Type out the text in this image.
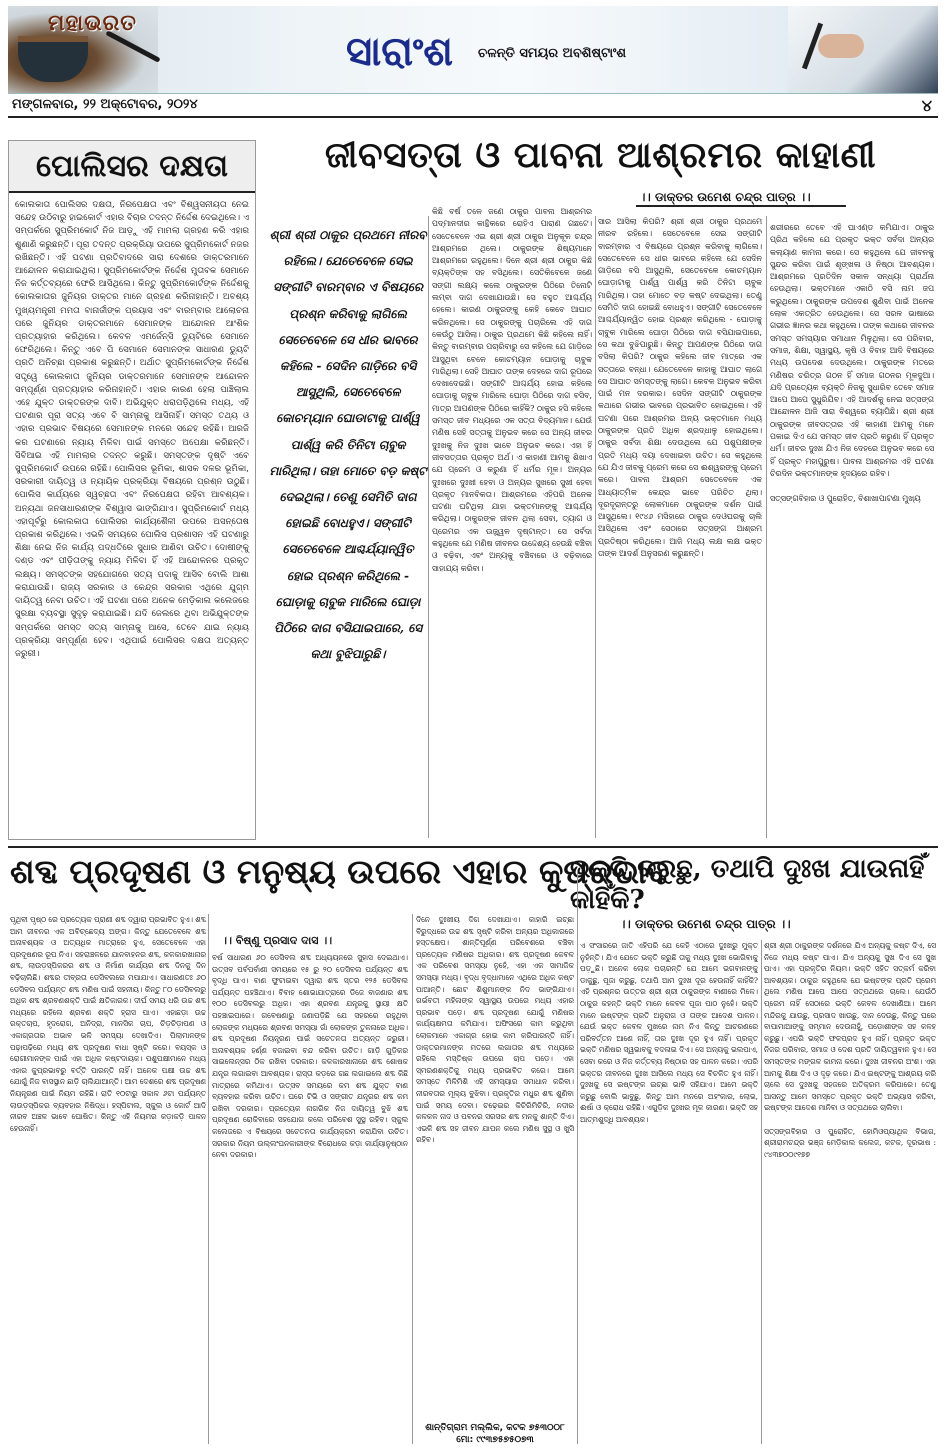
ମହାଭରତ
ସାରାଂଶ ଚଳନ୍ତି ସମୟର ଅବଶିଷ୍ଟାଂଶ
ମଙ୍ଗଳବାର, ୨୨ ଅକ୍ଟୋବର, ୨୦୨୪	୪
ପୋଲିସର ଦକ୍ଷତା
କୋଲକାତା ପୋଲିସର ଦକ୍ଷତା, ନିରପେକ୍ଷତା ଏବଂ ବିଶ୍ୱସନୀୟତା ନେଇ ସନ୍ଦେହ ଉଠିବାରୁ ହାଇକୋର୍ଟ ଏହାର ବିଚାର ତଦନ୍ତ ନିର୍ଦ୍ଦେଶ ଦେଇଥିଲେ। ଏ ସମ୍ପର୍କରେ ସୁପ୍ରିମକୋର୍ଟ ନିଜ ଆଡ଼ୁ ଏହି ମାମଲା ଗ୍ରହଣ କରି ଏହାର ଶୁଣାଣି କରୁଛନ୍ତି। ପୂରା ତଦନ୍ତ ପ୍ରକ୍ରିୟା ଉପରେ ସୁପ୍ରିମକୋର୍ଟ ନଜର ରଖିଛନ୍ତି। ଏହି ଘଟଣା ପ୍ରତିବାଦରେ ସାରା ଦେଶରେ ଡାକ୍ତରମାନେ ଆନ୍ଦୋଳନ କରାଯାଇଥିଲା। ସୁପ୍ରିମକୋର୍ଟଙ୍କ ନିର୍ଦ୍ଦେଶ ମୁତାବକ ସେମାନେ ନିଜ କର୍ତ୍ତବ୍ୟରେ ଫେରି ଆସିଥିଲେ। କିନ୍ତୁ ସୁପ୍ରିମକୋର୍ଟଙ୍କ ନିର୍ଦ୍ଦେଶକୁ କୋଲକାତାର ଜୁନିୟର ଡାକ୍ତର ମାନେ ଗ୍ରହଣ କରିନାହାନ୍ତି। ଅବଶ୍ୟ ମୁଖ୍ୟମନ୍ତ୍ରୀ ମମତା ବାନାର୍ଜୀଙ୍କ ପ୍ରୟାସ ଏବଂ ବାରମ୍ବାର ଆଲୋଚନା ପରେ ଜୁନିୟର ଡାକ୍ତରମାନେ ସେମାନଙ୍କ ଆନ୍ଦୋଳନ ଆଂଶିକ ପ୍ରତ୍ୟାହାର କରିଥିଲେ। କେବଳ ଏମର୍ଜେନ୍ସି ଡ୍ୟୁଟିରେ ସେମାନେ ଫେରିଥିଲେ। କିନ୍ତୁ ଏବେ ପି ସେମାନେ ସେମାନଙ୍କ ସାଧାରଣ ଡ୍ୟୁଟି ପ୍ରତି ଅନିଚ୍ଛା ପ୍ରକାଶ କରୁଛନ୍ତି। ଅର୍ଥାତ ସୁପ୍ରିମକୋର୍ଟଙ୍କ ନିର୍ଦ୍ଦେଶ ସତ୍ତ୍ୱେ କୋଲକାତା ଜୁନିୟର ଡାକ୍ତରମାନେ ସେମାନଙ୍କ ଆନ୍ଦୋଳନ ସମ୍ପୂର୍ଣ୍ଣ ପ୍ରତ୍ୟାହାର କରିନାହାନ୍ତି। ଏହାର କାରଣ ହେଲା ପାଞ୍ଚିଲାଲ ଏହେ ଯୁକ୍ତ ଡାକ୍ତରଙ୍କ ଦାବି। ଅଭିଯୁକ୍ତ ଧରାପଡ଼ିଥିଲେ ମଧ୍ୟ, ଏହି ଘଟଣାର ପୂରା ସତ୍ୟ ଏବେ ବି ସାମ୍ନାକୁ ଆସିନାହିଁ। ସମସ୍ତ ତଥ୍ୟ ଓ ଏହାର ପ୍ରଭାବ ବିଷୟରେ ସେମାନଙ୍କ ମନରେ ସନ୍ଦେହ ରହିଛି। ଆରଜି କର ଘଟଣାରେ ନ୍ୟାୟ ମିଳିବା ପାଇଁ ସମସ୍ତେ ଅପେକ୍ଷା କରିଛନ୍ତି। ସିବିଆଇ ଏହି ମାମଲାର ତଦନ୍ତ କରୁଛି। ସମସ୍ତଙ୍କ ଦୃଷ୍ଟି ଏବେ ସୁପ୍ରିମକୋର୍ଟ ଉପରେ ରହିଛି। ପୋଲିସର ଭୂମିକା, ଶାସକ ଦଳର ଭୂମିକା, ସରକାରୀ ଦାୟିତ୍ୱ ଓ ନ୍ୟାୟିକ ପ୍ରକ୍ରିୟା ବିଷୟରେ ପ୍ରଶ୍ନ ଉଠୁଛି। ପୋଲିସ କାର୍ଯ୍ୟରେ ସ୍ୱଚ୍ଛତା ଏବଂ ନିରପେକ୍ଷତା ରହିବା ଆବଶ୍ୟକ। ଅନ୍ୟଥା ଜନସାଧାରଣଙ୍କ ବିଶ୍ୱାସ ଭାଙ୍ଗିଯାଏ। ସୁପ୍ରିମକୋର୍ଟ ମଧ୍ୟ ଏହାପୂର୍ବରୁ କୋଲକାତା ପୋଲିସର କାର୍ଯ୍ୟଶୈଳୀ ଉପରେ ଅସନ୍ତୋଷ ପ୍ରକାଶ କରିଥିଲେ। ଏଭଳି ସମୟରେ ପୋଲିସ ପ୍ରଶାସନ ଏହି ଘଟଣାରୁ ଶିକ୍ଷା ନେଇ ନିଜ କାର୍ଯ୍ୟ ପଦ୍ଧତିରେ ସୁଧାର ଆଣିବା ଉଚିତ। ଦୋଷୀଙ୍କୁ ଦଣ୍ଡ ଏବଂ ପୀଡ଼ିତାଙ୍କୁ ନ୍ୟାୟ ମିଳିବା ହିଁ ଏହି ଆନ୍ଦୋଳନର ପ୍ରକୃତ ଲକ୍ଷ୍ୟ। ସମସ୍ତଙ୍କ ସହଯୋଗରେ ସତ୍ୟ ପଦାକୁ ଆସିବ ବୋଲି ଆଶା କରାଯାଉଛି। ରାଜ୍ୟ ସରକାର ଓ କେନ୍ଦ୍ର ସରକାର ଏଥିରେ ଯୁଗ୍ମ ଦାୟିତ୍ୱ ନେବା ଉଚିତ। ଏହି ଘଟଣା ପରେ ଅନେକ ମେଡ଼ିକାଲ କଲେଜରେ ସୁରକ୍ଷା ବ୍ୟବସ୍ଥା ସୁଦୃଢ଼ କରାଯାଇଛି। ଯଦି ଜେଲରେ ଥିବା ଅଭିଯୁକ୍ତଙ୍କ ସମ୍ପର୍କରେ ସମସ୍ତ ସତ୍ୟ ସାମ୍ନାକୁ ଆସେ, ତେବେ ଯାଇ ନ୍ୟାୟ ପ୍ରକ୍ରିୟା ସମ୍ପୂର୍ଣ୍ଣ ହେବ। ଏଥିପାଇଁ ପୋଲିସର ଦକ୍ଷତା ଅତ୍ୟନ୍ତ ଜରୁରୀ।
ଜୀବସତ୍ତା ଓ ପାବନା ଆଶ୍ରମର କାହାଣୀ
।। ଡାକ୍ତର ଉମେଶ ଚନ୍ଦ୍ର ପାତ୍ର ।।
ଶ୍ରୀ ଶ୍ରୀ ଠାକୁର ପ୍ରଥମେ ନୀରବ ରହିଲେ। ଯେତେବେଳେ ସେଇ ସଙ୍ଗୀଟି ବାରମ୍ବାର ଏ ବିଷୟରେ ପ୍ରଶ୍ନ କରିବାକୁ ଲାଗିଲେ ସେତେବେଳେ ସେ ଧୀର ଭାବରେ କହିଲେ - ସେଦିନ ଗାଡ଼ିରେ ବସି ଆସୁଥିଲି, ସେତେବେଳେ କୋଚମ୍ୟାନ ଘୋଡାଟାକୁ ପାର୍ଶ୍ୱ ପାର୍ଶ୍ୱ କରି ତିନିଟା ଚାବୁକ ମାରିଥିଲା। ତାହା ମୋତେ ବଡ଼ କଷ୍ଟ ଦେଇଥିଲା। ତେଣୁ ସେମିତି ଦାଗ ହୋଇଛି ବୋଧହୁଏ। ସଙ୍ଗୀଟି ସେତେବେଳେ ଆଶ୍ଚର୍ଯ୍ୟାନ୍ୱିତ ହୋଇ ପ୍ରଶ୍ନ କରିଥିଲେ - ଘୋଡ଼ାକୁ ଚାବୁକ ମାରିଲେ ଘୋଡ଼ା ପିଠିରେ ଦାଗ ବସିଯାଇପାରେ, ସେ କଥା ବୁଝିପାରୁଛି।
କିଛି ବର୍ଷ ତଳେ ଜଣେ ଠାକୁର ପାବନା ଆଶ୍ରମର ପଦ୍ମାନଦୀର କାନ୍ଥିକରେ ରୋହିଏ ପାରାଣ ଗଛଟେ। ସେତେବେଳେ ଏଇ ଶ୍ରୀ ଶ୍ରୀ ଠାକୁର ଅନୁକୂଳ ଚନ୍ଦ୍ର ଆଶ୍ରମରେ ଥିଲେ। ଠାକୁରଙ୍କ ଶିଷ୍ୟମାନେ ଆଶ୍ରମରେ ରହୁଥିଲେ। ଦିନେ ଶ୍ରୀ ଶ୍ରୀ ଠାକୁର କିଛି ବ୍ୟକ୍ତିଙ୍କ ସହ ବସିଥିଲେ। ସେତିକିବେଳେ ଜଣେ ସଙ୍ଗୀ ଲକ୍ଷ୍ୟ କଲେ ଠାକୁରଙ୍କ ପିଠିରେ ତିନୋଟି ଲମ୍ବା ଦାଗ ଦେଖାଯାଉଛି। ସେ ବହୁତ ଆଶ୍ଚର୍ଯ୍ୟ ହେଲେ। କାରଣ ଠାକୁରଙ୍କୁ କେହି କେବେ ଆଘାତ କରିନଥିଲେ। ସେ ଠାକୁରଙ୍କୁ ପଚାରିଲେ ଏହି ଦାଗ କେଉଁଠୁ ଆସିଲା। ଠାକୁର ପ୍ରଥମେ କିଛି କହିଲେ ନାହିଁ। କିନ୍ତୁ ବାରମ୍ବାର ପଚାରିବାରୁ ସେ କହିଲେ ଯେ ଗାଡ଼ିରେ ଆସୁଥିବା ବେଳେ କୋଚମ୍ୟାନ ଘୋଡ଼ାକୁ ଚାବୁକ ମାରିଥିଲା। ସେହି ଆଘାତ ତାଙ୍କ ଦେହରେ ଦାଗ ରୂପରେ ଦେଖାଦେଇଛି। ସଙ୍ଗୀଟି ଆଶ୍ଚର୍ଯ୍ୟ ହୋଇ କହିଲେ ଘୋଡ଼ାକୁ ଚାବୁକ ମାରିଲେ ଘୋଡ଼ା ପିଠିରେ ଦାଗ ବସିବ, ମାତ୍ର ଆପଣଙ୍କ ପିଠିରେ କାହିଁକି? ଠାକୁର ହସି କହିଲେ ସମସ୍ତ ଜୀବ ମଧ୍ୟରେ ଏକ ସତ୍ତା ବିଦ୍ୟମାନ। ଯେଉଁ ମଣିଷ ସେହି ସତ୍ତାକୁ ଅନୁଭବ କରେ ସେ ଅନ୍ୟ ଜୀବର ଦୁଃଖକୁ ନିଜ ଦୁଃଖ ଭାବେ ଅନୁଭବ କରେ। ଏହା ହିଁ ଜୀବସତ୍ତାର ପ୍ରକୃତ ଅର୍ଥ। ଏ କାହାଣୀ ଆମକୁ ଶିଖାଏ ଯେ ପ୍ରେମ ଓ କରୁଣା ହିଁ ଧର୍ମର ମୂଳ। ଅନ୍ୟର ଦୁଃଖରେ ଦୁଃଖୀ ହେବା ଓ ଅନ୍ୟର ସୁଖରେ ସୁଖୀ ହେବା ପ୍ରକୃତ ମାନବିକତା। ଆଶ୍ରମରେ ଏହିପରି ଅନେକ ଘଟଣା ଘଟିଥିଲା ଯାହା ଭକ୍ତମାନଙ୍କୁ ଆଶ୍ଚର୍ଯ୍ୟ କରିଥିଲା। ଠାକୁରଙ୍କ ଜୀବନ ଥିଲା ସେବା, ତ୍ୟାଗ ଓ ପ୍ରେମର ଏକ ଉଜ୍ଜ୍ୱଳ ଦୃଷ୍ଟାନ୍ତ। ସେ ସର୍ବଦା କହୁଥିଲେ ଯେ ମଣିଷ ଜୀବନର ଉଦ୍ଦେଶ୍ୟ ହେଉଛି ବଞ୍ଚିବା ଓ ବଢ଼ିବା, ଏବଂ ଅନ୍ୟକୁ ବଞ୍ଚିବାରେ ଓ ବଢ଼ିବାରେ ସାହାଯ୍ୟ କରିବା।
ସାର ଆସିଲା କିପରି? ଶ୍ରୀ ଶ୍ରୀ ଠାକୁର ପ୍ରଥମେ ନୀରବ ରହିଲେ। ସେତେବେଳେ ସେଇ ସଙ୍ଗୀଟି ବାରମ୍ବାର ଏ ବିଷୟରେ ପ୍ରଶ୍ନ କରିବାକୁ ଲାଗିଲେ। ସେତେବେଳେ ସେ ଧୀର ଭାବରେ କହିଲେ ଯେ ସେଦିନ ଗାଡ଼ିରେ ବସି ଆସୁଥିଲି, ସେତେବେଳେ କୋଚମ୍ୟାନ ଘୋଡ଼ାଟାକୁ ପାର୍ଶ୍ୱ ପାର୍ଶ୍ୱ କରି ତିନିଟା ଚାବୁକ ମାରିଥିଲା। ତାହା ମୋତେ ବଡ଼ କଷ୍ଟ ଦେଇଥିଲା। ତେଣୁ ସେମିତି ଦାଗ ହୋଇଛି ବୋଧହୁଏ। ସଙ୍ଗୀଟି ସେତେବେଳେ ଆଶ୍ଚର୍ଯ୍ୟାନ୍ୱିତ ହୋଇ ପ୍ରଶ୍ନ କରିଥିଲେ - ଘୋଡ଼ାକୁ ଚାବୁକ ମାରିଲେ ଘୋଡ଼ା ପିଠିରେ ଦାଗ ବସିଯାଇପାରେ, ସେ କଥା ବୁଝିପାରୁଛି। କିନ୍ତୁ ଆପଣଙ୍କ ପିଠିରେ ଦାଗ ବସିଲା କିପରି? ଠାକୁର କହିଲେ ଜୀବ ମାତ୍ରେ ଏକ ସତ୍ତାରେ ବନ୍ଧା। ଯେତେବେଳେ କାହାକୁ ଆଘାତ ଲାଗେ ସେ ଆଘାତ ସମସ୍ତଙ୍କୁ ଲାଗେ। କେବଳ ଅନୁଭବ କରିବା ପାଇଁ ମନ ଦରକାର। ସେଦିନ ସଙ୍ଗୀଟି ଠାକୁରଙ୍କ କଥାରେ ଗଭୀର ଭାବରେ ପ୍ରଭାବିତ ହୋଇଥିଲେ। ଏହି ଘଟଣା ପରେ ଆଶ୍ରମର ଅନ୍ୟ ଭକ୍ତମାନେ ମଧ୍ୟ ଠାକୁରଙ୍କ ପ୍ରତି ଅଧିକ ଶ୍ରଦ୍ଧାଳୁ ହୋଇଥିଲେ। ଠାକୁର ସର୍ବଦା ଶିକ୍ଷା ଦେଉଥିଲେ ଯେ ପଶୁପକ୍ଷୀଙ୍କ ପ୍ରତି ମଧ୍ୟ ଦୟା ଦେଖାଇବା ଉଚିତ। ସେ କହୁଥିଲେ ଯେ ଯିଏ ଜୀବକୁ ପ୍ରେମ କରେ ସେ ଈଶ୍ୱରଙ୍କୁ ପ୍ରେମ କରେ। ପାବନା ଆଶ୍ରମ ସେତେବେଳେ ଏକ ଆଧ୍ୟାତ୍ମିକ କେନ୍ଦ୍ର ଭାବେ ପରିଚିତ ଥିଲା। ଦୂରଦୂରାନ୍ତରୁ ଲୋକମାନେ ଠାକୁରଙ୍କ ଦର୍ଶନ ପାଇଁ ଆସୁଥିଲେ। ୧୯୪୬ ମସିହାରେ ଠାକୁର ଦେଓଘରକୁ ଚାଲି ଆସିଥିଲେ ଏବଂ ସେଠାରେ ସତ୍ସଙ୍ଗ ଆଶ୍ରମ ପ୍ରତିଷ୍ଠା କରିଥିଲେ। ଆଜି ମଧ୍ୟ ଲକ୍ଷ ଲକ୍ଷ ଭକ୍ତ ତାଙ୍କ ଆଦର୍ଶ ଅନୁସରଣ କରୁଛନ୍ତି।
ଶରୀରରେ ତେବେ ଏହି ଘାଏଣ୍ଡ କମିଯାଏ। ଠାକୁର ପ୍ରିଥ କହିଲେ ଯେ ପ୍ରକୃତ ଭକ୍ତ ସର୍ବଦା ଅନ୍ୟର କଲ୍ୟାଣ କାମନା କରେ। ସେ କହୁଥିଲେ ଯେ ଜୀବନକୁ ସୁନ୍ଦର କରିବା ପାଇଁ ଶୃଙ୍ଖଳା ଓ ନିଷ୍ଠା ଆବଶ୍ୟକ। ଆଶ୍ରମରେ ପ୍ରତିଦିନ ସକାଳ ସନ୍ଧ୍ୟା ପ୍ରାର୍ଥନା ହେଉଥିଲା। ଭକ୍ତମାନେ ଏକାଠି ବସି ନାମ ଜପ କରୁଥିଲେ। ଠାକୁରଙ୍କ ଉପଦେଶ ଶୁଣିବା ପାଇଁ ଅନେକ ଲୋକ ଏକତ୍ରିତ ହେଉଥିଲେ। ସେ ସରଳ ଭାଷାରେ ଗଭୀର ଜ୍ଞାନର କଥା କହୁଥିଲେ। ତାଙ୍କ କଥାରେ ଜୀବନର ସମସ୍ତ ସମସ୍ୟାର ସମାଧାନ ମିଳୁଥିଲା। ସେ ପରିବାର, ସମାଜ, ଶିକ୍ଷା, ସ୍ୱାସ୍ଥ୍ୟ, କୃଷି ଓ ବିବାହ ଆଦି ବିଷୟରେ ମଧ୍ୟ ଉପଦେଶ ଦେଉଥିଲେ। ଠାକୁରଙ୍କ ମତରେ ମଣିଷର ଚରିତ୍ର ଗଠନ ହିଁ ସମାଜ ଗଠନର ମୂଳଦୁଆ। ଯଦି ପ୍ରତ୍ୟେକ ବ୍ୟକ୍ତି ନିଜକୁ ସୁଧାରିବ ତେବେ ସମାଜ ଆପେ ଆପେ ସୁଧୁରିଯିବ। ଏହି ଆଦର୍ଶକୁ ନେଇ ସତ୍ସଙ୍ଗ ଆନ୍ଦୋଳନ ଆଜି ସାରା ବିଶ୍ୱରେ ବ୍ୟାପିଛି। ଶ୍ରୀ ଶ୍ରୀ ଠାକୁରଙ୍କ ଜୀବସତ୍ତାର ଏହି କାହାଣୀ ଆମକୁ ମନେ ପକାଇ ଦିଏ ଯେ ସମସ୍ତ ଜୀବ ପ୍ରତି କରୁଣା ହିଁ ପ୍ରକୃତ ଧର୍ମ। ଜୀବର ଦୁଃଖ ଯିଏ ନିଜ ଦେହରେ ଅନୁଭବ କରେ ସେ ହିଁ ପ୍ରକୃତ ମହାପୁରୁଷ। ପାବନା ଆଶ୍ରମର ଏହି ଘଟଣା ଚିରଦିନ ଭକ୍ତମାନଙ୍କ ହୃଦୟରେ ରହିବ।

ସତ୍ସଙ୍ଗବିହାର ଓ ପୁରୋହିତ, ବିଶାଖାପାଟଣା ମୁଖ୍ୟ
ଶବ୍ଦ ପ୍ରଦୂଷଣ ଓ ମନୁଷ୍ୟ ଉପରେ ଏହାର କୁପ୍ରଭାବ
।। ବିଷ୍ଣୁ ପ୍ରସାଦ ଦାସ ।।
ପୃଥିବୀ ପୃଷ୍ଠ ରେ ପ୍ରତ୍ୟେକ ପ୍ରାଣୀ ଶବ୍ଦ ଦ୍ୱାରା ପ୍ରଭାବିତ ହୁଏ। ଶବ୍ଦ ଆମ ଜୀବନର ଏକ ଅବିଚ୍ଛେଦ୍ୟ ଅଙ୍ଗ। କିନ୍ତୁ ଯେତେବେଳେ ଶବ୍ଦ ଅନାବଶ୍ୟକ ଓ ଅତ୍ୟଧିକ ମାତ୍ରାରେ ହୁଏ, ସେତେବେଳେ ଏହା ପ୍ରଦୂଷଣର ରୂପ ନିଏ। ସହରାଞ୍ଚଳରେ ଯାନବାହନର ଶବ୍ଦ, କଳକାରଖାନାର ଶବ୍ଦ, ଲାଉଡ଼ସ୍ପିକରର ଶବ୍ଦ ଓ ନିର୍ମାଣ କାର୍ଯ୍ୟର ଶବ୍ଦ ଦିନକୁ ଦିନ ବଢ଼ିଚାଲିଛି। ଶବ୍ଦର ତୀବ୍ରତା ଡେସିବଲରେ ମପାଯାଏ। ସାଧାରଣତଃ ୬୦ ଡେସିବଲ ପର୍ଯ୍ୟନ୍ତ ଶବ୍ଦ ମଣିଷ ପାଇଁ ସହନୀୟ। କିନ୍ତୁ ୮୦ ଡେସିବଲରୁ ଅଧିକ ଶବ୍ଦ ଶ୍ରବଣଶକ୍ତି ପାଇଁ କ୍ଷତିକାରକ। ଦୀର୍ଘ ସମୟ ଧରି ଉଚ୍ଚ ଶବ୍ଦ ମଧ୍ୟରେ ରହିଲେ ଶ୍ରବଣ ଶକ୍ତି ହ୍ରାସ ପାଏ। ଏହାଛଡ଼ା ଉଚ୍ଚ ରକ୍ତଚାପ, ହୃଦରୋଗ, ଅନିଦ୍ରା, ମାନସିକ ଚାପ, ଚିଡ଼ଚିଡ଼ାପଣ ଓ ଏକାଗ୍ରତାର ଅଭାବ ଭଳି ସମସ୍ୟା ଦେଖାଦିଏ। ପିଲାମାନଙ୍କ ପଢ଼ାପଢ଼ିରେ ମଧ୍ୟ ଶବ୍ଦ ପ୍ରଦୂଷଣ ବାଧା ସୃଷ୍ଟି କରେ। ବୟସ୍କ ଓ ରୋଗୀମାନଙ୍କ ପାଇଁ ଏହା ଅଧିକ କଷ୍ଟଦାୟକ। ପଶୁପକ୍ଷୀମାନେ ମଧ୍ୟ ଏହାର କୁପ୍ରଭାବରୁ ବର୍ତ୍ତି ପାରନ୍ତି ନାହିଁ। ଅନେକ ପକ୍ଷୀ ଉଚ୍ଚ ଶବ୍ଦ ଯୋଗୁଁ ନିଜ ବାସସ୍ଥାନ ଛାଡ଼ି ଚାଲିଯାଆନ୍ତି। ଆମ ଦେଶରେ ଶବ୍ଦ ପ୍ରଦୂଷଣ ନିୟନ୍ତ୍ରଣ ପାଇଁ ନିୟମ ରହିଛି। ରାତି ୧୦ଟାରୁ ସକାଳ ୬ଟା ପର୍ଯ୍ୟନ୍ତ ଲାଉଡ଼ସ୍ପିକର ବ୍ୟବହାର ନିଷିଦ୍ଧ। ହସ୍ପିଟାଲ, ସ୍କୁଲ ଓ କୋର୍ଟ ଆଦି ନୀରବ ଅଞ୍ଚଳ ଭାବେ ଘୋଷିତ। କିନ୍ତୁ ଏହି ନିୟମର କଡ଼ାକଡ଼ି ପାଳନ ହେଉନାହିଁ।
ବର୍ଷ ସାଧାରଣ ୬୦ ଡେସିବଲ ଶବ୍ଦ ଅଧ୍ୟୟନରେ ସୁହାସ ଦେଇଥାଏ। ଉତ୍ସବ ପର୍ବପର୍ବାଣୀ ସମୟରେ ୧୫ ରୁ ୨୦ ଡେସିବଲ ପର୍ଯ୍ୟନ୍ତ ଶବ୍ଦ ବୃଦ୍ଧି ପାଏ। ବାଣ ଫୁଟାଇବା ଦ୍ୱାରା ଶବ୍ଦ ସ୍ତର ୧୨୫ ଡେସିବଲ ପର୍ଯ୍ୟନ୍ତ ପହଞ୍ଚିଥାଏ। ବିବାହ ଶୋଭାଯାତ୍ରାରେ ଡିଜେ ବାଜଣାର ଶବ୍ଦ ୧୦୦ ଡେସିବଲରୁ ଅଧିକ। ଏହା ଶ୍ରବଣ ଯନ୍ତ୍ରକୁ ସ୍ଥାୟୀ କ୍ଷତି ପହଞ୍ଚାଇପାରେ। ଗବେଷଣାରୁ ଜଣାପଡ଼ିଛି ଯେ ସହରରେ ରହୁଥିବା ଲୋକଙ୍କ ମଧ୍ୟରେ ଶ୍ରବଣ ସମସ୍ୟା ଗାଁ ଲୋକଙ୍କ ତୁଳନାରେ ଅଧିକ। ଶବ୍ଦ ପ୍ରଦୂଷଣ ନିୟନ୍ତ୍ରଣ ପାଇଁ ସଚେତନତା ଅତ୍ୟନ୍ତ ଜରୁରୀ। ଅନାବଶ୍ୟକ ହର୍ଣ୍ଣ ବଜାଇବା ବନ୍ଦ କରିବା ଉଚିତ। ଗାଡ଼ି ଗୁଡ଼ିକର ସାଇଲେନ୍ସର ଠିକ ରଖିବା ଦରକାର। କଳକାରଖାନାରେ ଶବ୍ଦ ଶୋଷକ ଯନ୍ତ୍ର ଲଗାଇବା ଆବଶ୍ୟକ। ରାସ୍ତା କଡ଼ରେ ଗଛ ଲଗାଇଲେ ଶବ୍ଦ କିଛି ମାତ୍ରାରେ କମିଥାଏ। ଉତ୍ସବ ସମୟରେ କମ ଶବ୍ଦ ଯୁକ୍ତ ବାଣ ବ୍ୟବହାର କରିବା ଉଚିତ। ଘରେ ଟିଭି ଓ ସଙ୍ଗୀତ ଯନ୍ତ୍ରର ଶବ୍ଦ କମ ରଖିବା ଦରକାର। ପ୍ରତ୍ୟେକ ନାଗରିକ ନିଜ ଦାୟିତ୍ୱ ବୁଝି ଶବ୍ଦ ପ୍ରଦୂଷଣ ରୋକିବାରେ ସହଯୋଗ କଲେ ପରିବେଶ ସୁସ୍ଥ ରହିବ। ସ୍କୁଲ କଲେଜରେ ଏ ବିଷୟରେ ସଚେତନତା କାର୍ଯ୍ୟକ୍ରମ କରାଯିବା ଉଚିତ। ସରକାର ନିୟମ ଉଲ୍ଲଂଘନକାରୀଙ୍କ ବିରୋଧରେ କଡ଼ା କାର୍ଯ୍ୟାନୁଷ୍ଠାନ ନେବା ଦରକାର।
ଦିନେ ଦୁଃଖୀୟ ଦିଗ ଦେଖାଯାଏ। କାହାରି ଇଚ୍ଛା ବିରୁଦ୍ଧରେ ଉଚ୍ଚ ଶବ୍ଦ ସୃଷ୍ଟି କରିବା ଅନ୍ୟର ଅଧିକାରରେ ହସ୍ତକ୍ଷେପ। ଶାନ୍ତିପୂର୍ଣ୍ଣ ପରିବେଶରେ ବଞ୍ଚିବା ପ୍ରତ୍ୟେକ ମଣିଷର ଅଧିକାର। ଶବ୍ଦ ପ୍ରଦୂଷଣ କେବଳ ଏକ ପରିବେଶ ସମସ୍ୟା ନୁହେଁ, ଏହା ଏକ ସାମାଜିକ ସମସ୍ୟା ମଧ୍ୟ। ବୃଦ୍ଧ ବୃଦ୍ଧାମାନେ ଏଥିରେ ଅଧିକ କଷ୍ଟ ପାଆନ୍ତି। ଛୋଟ ଶିଶୁମାନଙ୍କ ନିଦ ଭାଙ୍ଗିଯାଏ। ଗର୍ଭବତୀ ମହିଳାଙ୍କ ସ୍ୱାସ୍ଥ୍ୟ ଉପରେ ମଧ୍ୟ ଏହାର ପ୍ରଭାବ ପଡ଼େ। ଶବ୍ଦ ପ୍ରଦୂଷଣ ଯୋଗୁଁ ମଣିଷର କାର୍ଯ୍ୟକ୍ଷମତା କମିଯାଏ। ଅଫିସରେ କାମ କରୁଥିବା ଲୋକମାନେ ଏକାଗ୍ର ହୋଇ କାମ କରିପାରନ୍ତି ନାହିଁ। ଡାକ୍ତରମାନଙ୍କ ମତରେ ଲଗାତାର ଶବ୍ଦ ମଧ୍ୟରେ ରହିଲେ ମସ୍ତିଷ୍କ ଉପରେ ଚାପ ପଡ଼େ। ଏହା ସ୍ମରଣଶକ୍ତିକୁ ମଧ୍ୟ ପ୍ରଭାବିତ କରେ। ଆମେ ସମସ୍ତେ ମିଳିମିଶି ଏହି ସମସ୍ୟାର ସମାଧାନ କରିବା। ନୀରବତାର ମୂଲ୍ୟ ବୁଝିବା। ପ୍ରକୃତିର ମଧୁର ଶବ୍ଦ ଶୁଣିବା ପାଇଁ ସମୟ ଦେବା। ଚଢ଼େଇର କିଚିରିମିଚିରି, ନଦୀର କଳକଳ ନାଦ ଓ ପବନର ସରସର ଶବ୍ଦ ମନକୁ ଶାନ୍ତି ଦିଏ। ଏଭଳି ଶବ୍ଦ ସହ ଜୀବନ ଯାପନ କଲେ ମଣିଷ ସୁସ୍ଥ ଓ ଖୁସି ରହିବ।
ଶାନ୍ତିଗ୍ରାମ ମଲ୍ଲିକ, କଟକ ୭୫୩୦୦୮
ମୋ: ୯୯୩୭୫୭୫୦୭୩
ଭକ୍ତି କରୁଛୁ, ତଥାପି ଦୁଃଖ ଯାଉନାହିଁ କାହିଁକି?
।। ଡାକ୍ତର ଉମେଶ ଚନ୍ଦ୍ର ପାତ୍ର ।।
ଏ ସଂସାରରେ ଜାତି ଏହିପରି ଯେ କେହି ଏଠାରେ ଦୁଃଖରୁ ମୁକ୍ତ ନୁହଁନ୍ତି। ଯିଏ ଯେତେ ଭକ୍ତି କରୁଛି ତାକୁ ମଧ୍ୟ ଦୁଃଖ ଭୋଗିବାକୁ ପଡ଼ୁଛି। ଅନେକ ଲୋକ ପଚାରନ୍ତି ଯେ ଆମେ ଭଗବାନଙ୍କୁ ଡାକୁଛୁ, ପୂଜା କରୁଛୁ, ତଥାପି ଆମ ଦୁଃଖ ଦୂର ହେଉନାହିଁ କାହିଁକି? ଏହି ପ୍ରଶ୍ନର ଉତ୍ତର ଶ୍ରୀ ଶ୍ରୀ ଠାକୁରଙ୍କ ବାଣୀରେ ମିଳେ। ଠାକୁର କହନ୍ତି ଭକ୍ତି ମାନେ କେବଳ ପୂଜା ପାଠ ନୁହେଁ। ଭକ୍ତି ମାନେ ଇଷ୍ଟଙ୍କ ପ୍ରତି ଅନୁରାଗ ଓ ତାଙ୍କ ଆଦେଶ ପାଳନ। ଯେଉଁ ଭକ୍ତ କେବଳ ମୁଖରେ ନାମ ନିଏ କିନ୍ତୁ ଆଚରଣରେ ପରିବର୍ତ୍ତନ ଆଣେ ନାହିଁ, ତାର ଦୁଃଖ ଦୂର ହୁଏ ନାହିଁ। ପ୍ରକୃତ ଭକ୍ତି ମଣିଷର ସ୍ୱଭାବକୁ ବଦଳାଇ ଦିଏ। ସେ ଅନ୍ୟକୁ ଭଲପାଏ, ସେବା କରେ ଓ ନିଜ କର୍ତ୍ତବ୍ୟ ନିଷ୍ଠାର ସହ ପାଳନ କରେ। ଏପରି ଭକ୍ତର ଜୀବନରେ ଦୁଃଖ ଆସିଲେ ମଧ୍ୟ ସେ ବିଚଳିତ ହୁଏ ନାହିଁ। ଦୁଃଖକୁ ସେ ଇଷ୍ଟଙ୍କ ଇଚ୍ଛା ଭାବି ସହିଯାଏ। ଆମେ ଭକ୍ତି କରୁଛୁ ବୋଲି ଭାବୁଛୁ, କିନ୍ତୁ ଆମ ମନରେ ଅହଂକାର, ଲୋଭ, ଈର୍ଷା ଓ କ୍ରୋଧ ରହିଛି। ଏଗୁଡ଼ିକ ଦୁଃଖର ମୂଳ କାରଣ। ଭକ୍ତି ସହ ଆତ୍ମଶୁଦ୍ଧି ଆବଶ୍ୟକ।
ଶ୍ରୀ ଶ୍ରୀ ଠାକୁରଙ୍କ ଦର୍ଶନରେ ଯିଏ ଅନ୍ୟକୁ କଷ୍ଟ ଦିଏ, ସେ ନିଜେ ମଧ୍ୟ କଷ୍ଟ ପାଏ। ଯିଏ ଅନ୍ୟକୁ ସୁଖ ଦିଏ ସେ ସୁଖ ପାଏ। ଏହା ପ୍ରକୃତିର ନିୟମ। ଭକ୍ତି ସହିତ ସତ୍କର୍ମ କରିବା ଆବଶ୍ୟକ। ଠାକୁର କହୁଥିଲେ ଯେ ଇଷ୍ଟଙ୍କ ପ୍ରତି ପ୍ରେମ ଥିଲେ ମଣିଷ ଆପେ ଆପେ ସତ୍ପଥରେ ଚାଲେ। ଯେଉଁଠି ପ୍ରେମ ନାହିଁ ସେଠାରେ ଭକ୍ତି କେବଳ ଦେଖାଣିଆ। ଆମେ ମନ୍ଦିରକୁ ଯାଉଛୁ, ପ୍ରସାଦ ଖାଉଛୁ, ଦାନ ଦେଉଛୁ, କିନ୍ତୁ ଘରେ ବାପାମାଆଙ୍କୁ ସମ୍ମାନ ଦେଉନାହୁଁ, ପଡ଼ୋଶୀଙ୍କ ସହ କଳହ କରୁଛୁ। ଏପରି ଭକ୍ତି ଫଳପ୍ରଦ ହୁଏ ନାହିଁ। ପ୍ରକୃତ ଭକ୍ତ ନିଜର ପରିବାର, ସମାଜ ଓ ଦେଶ ପ୍ରତି ଦାୟିତ୍ୱବାନ ହୁଏ। ସେ ସମସ୍ତଙ୍କ ମଙ୍ଗଳ କାମନା କରେ। ଦୁଃଖ ଜୀବନର ଅଂଶ। ଏହା ଆମକୁ ଶିକ୍ଷା ଦିଏ ଓ ଦୃଢ଼ କରେ। ଯିଏ ଇଷ୍ଟଙ୍କୁ ଆଶ୍ରୟ କରି ଚାଲେ ସେ ଦୁଃଖକୁ ସହଜରେ ଅତିକ୍ରମ କରିପାରେ। ତେଣୁ ଆସନ୍ତୁ ଆମେ ସମସ୍ତେ ପ୍ରକୃତ ଭକ୍ତି ଅଭ୍ୟାସ କରିବା, ଇଷ୍ଟଙ୍କ ଆଦେଶ ମାନିବା ଓ ସତ୍ପଥରେ ଚାଲିବା।

ସତ୍ସଙ୍ଗବିହାର ଓ ପୁରୋହିତ, ହୋମିଓପ୍ୟାଥିକ ବିଭାଗ, ଶ୍ରୀରାମଚନ୍ଦ୍ର ଭଞ୍ଜ ମେଡ଼ିକାଲ କଲେଜ, କଟକ, ଦୂରଭାଷ : ୯୪୩୭୦୦୯୧୭୭
